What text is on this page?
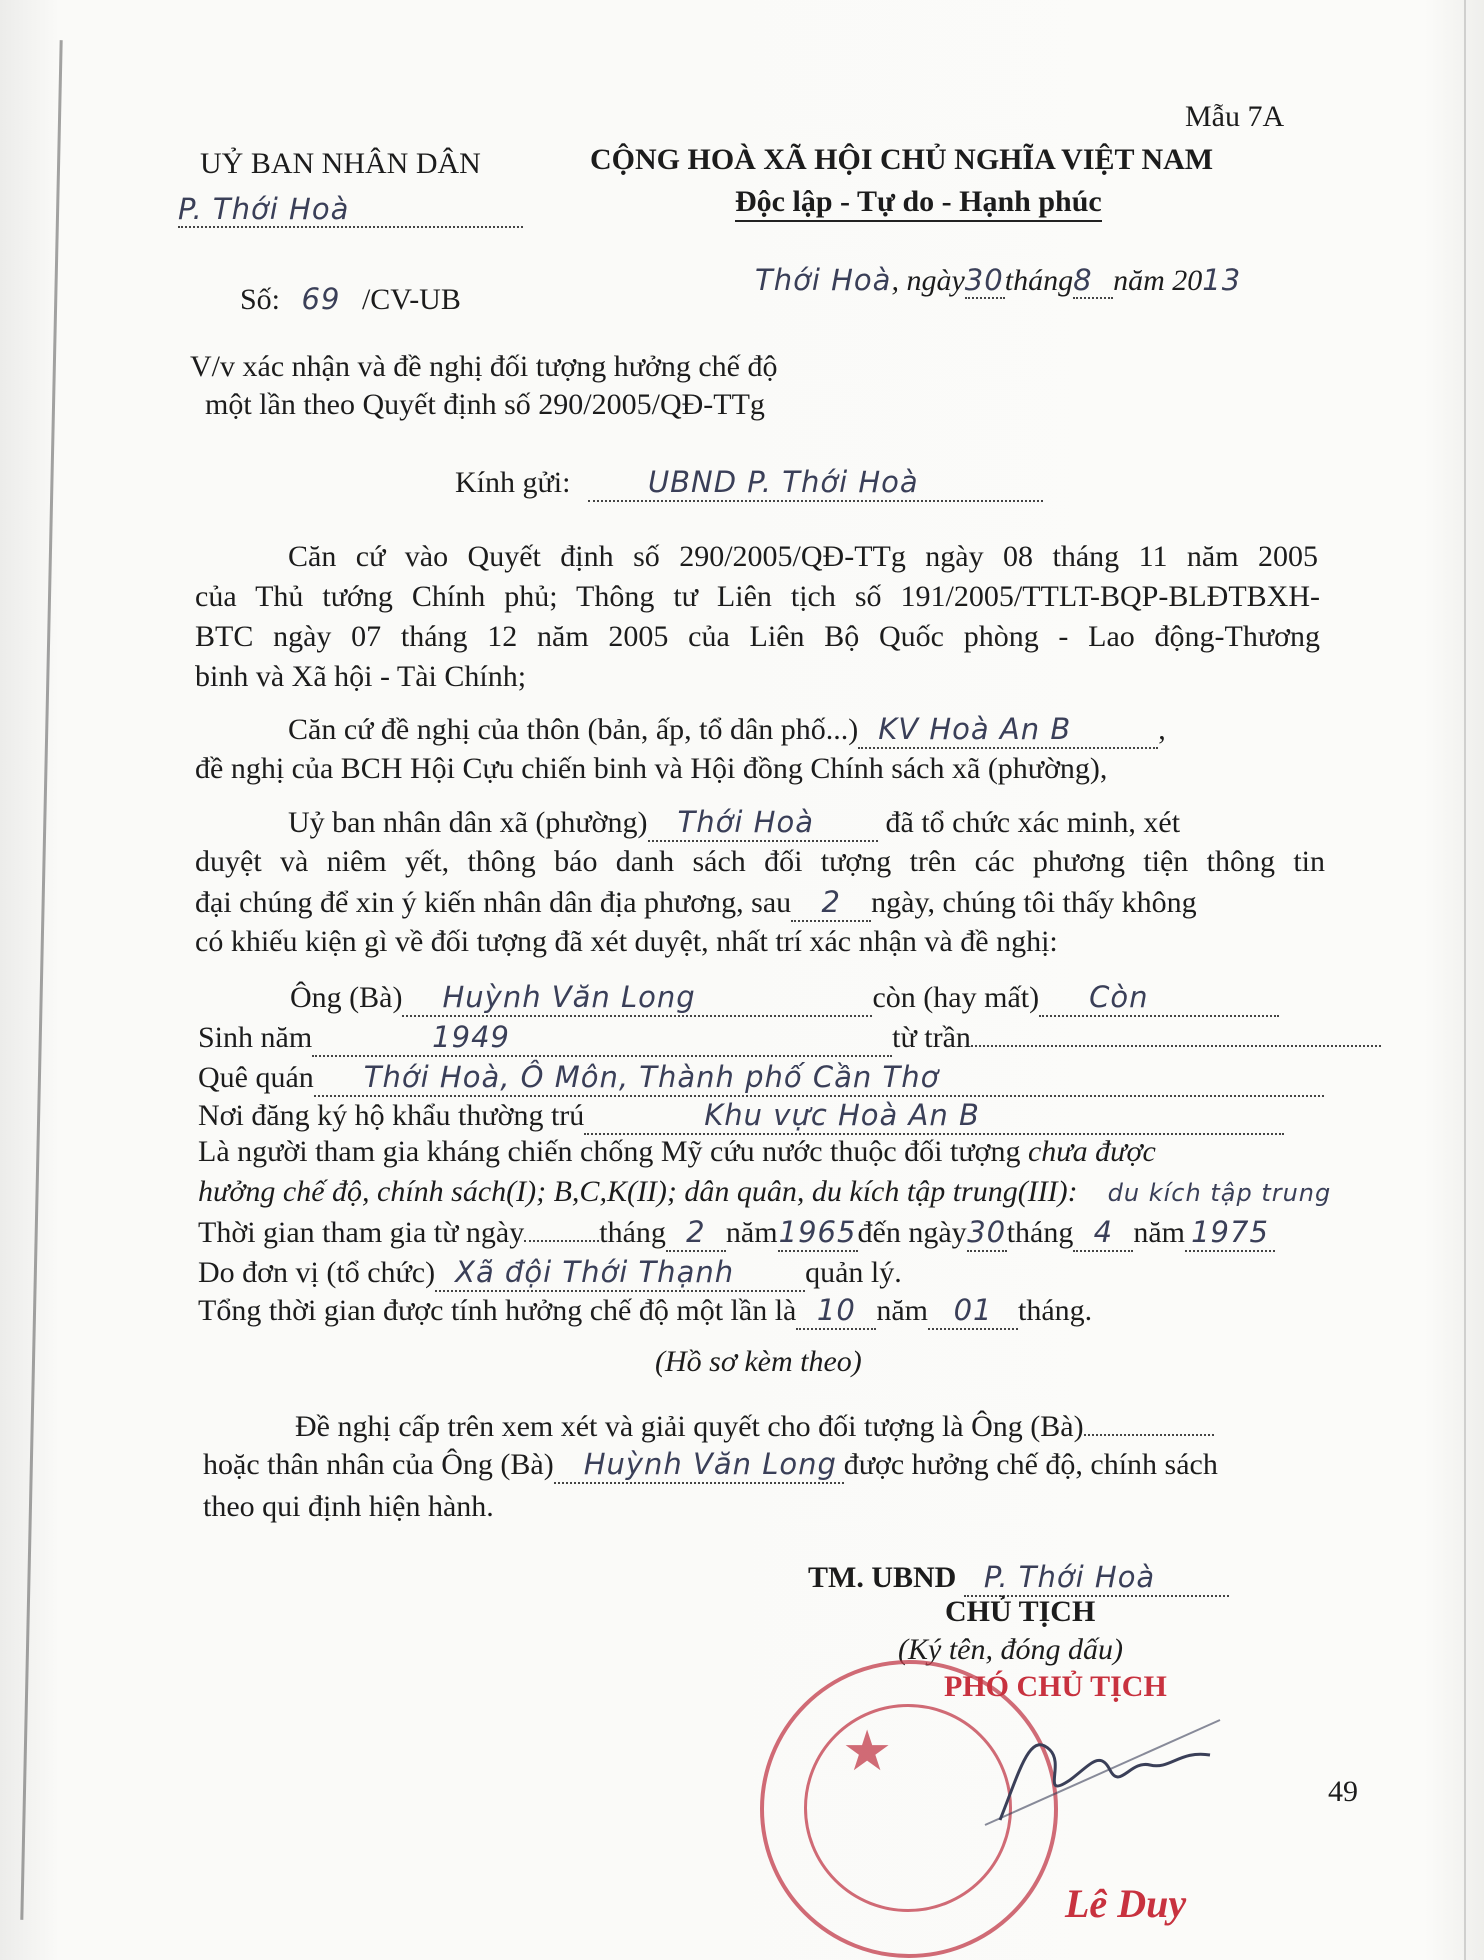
Mẫu 7A
UỶ BAN NHÂN DÂN
P. Thới Hoà
CỘNG HOÀ XÃ HỘI CHỦ NGHĨA VIỆT NAM
Độc lập - Tự do - Hạnh phúc
Số: 69 /CV-UB
Thới Hoà, ngày30tháng8 năm 2013
V/v xác nhận và đề nghị đối tượng hưởng chế độ
một lần theo Quyết định số 290/2005/QĐ-TTg
Kính gửi:	UBND P. Thới Hoà
Căn cứ vào Quyết định số 290/2005/QĐ-TTg ngày 08 tháng 11 năm 2005
của Thủ tướng Chính phủ; Thông tư Liên tịch số 191/2005/TTLT-BQP-BLĐTBXH-
BTC ngày 07 tháng 12 năm 2005 của Liên Bộ Quốc phòng - Lao động-Thương
binh và Xã hội - Tài Chính;
Căn cứ đề nghị của thôn (bản, ấp, tổ dân phố...) KV Hoà An B	,
đề nghị của BCH Hội Cựu chiến binh và Hội đồng Chính sách xã (phường),
Uỷ ban nhân dân xã (phường) Thới Hoà đã tổ chức xác minh, xét
duyệt và niêm yết, thông báo danh sách đối tượng trên các phương tiện thông tin
đại chúng để xin ý kiến nhân dân địa phương, sau 2 ngày, chúng tôi thấy không
có khiếu kiện gì về đối tượng đã xét duyệt, nhất trí xác nhận và đề nghị:
Ông (Bà) Huỳnh Văn Long	còn (hay mất) Còn
Sinh năm	1949	từ trần
Quê quán Thới Hoà, Ô Môn, Thành phố Cần Thơ
Nơi đăng ký hộ khẩu thường trú	Khu vực Hoà An B
Là người tham gia kháng chiến chống Mỹ cứu nước thuộc đối tượng chưa được
hưởng chế độ, chính sách(I); B,C,K(II); dân quân, du kích tập trung(III): du kích tập trung
Thời gian tham gia từ ngày	tháng 2 năm1965đến ngày30tháng 4 năm 1975
Do đơn vị (tổ chức) Xã đội Thới Thạnh quản lý.
Tổng thời gian được tính hưởng chế độ một lần là 10 năm 01 tháng.
(Hồ sơ kèm theo)
Đề nghị cấp trên xem xét và giải quyết cho đối tượng là Ông (Bà)
hoặc thân nhân của Ông (Bà) Huỳnh Văn Long được hưởng chế độ, chính sách
theo qui định hiện hành.
TM. UBND P. Thới Hoà
CHỦ TỊCH
(Ký tên, đóng dấu)
★
PHÓ CHỦ TỊCH
Lê Duy
49
